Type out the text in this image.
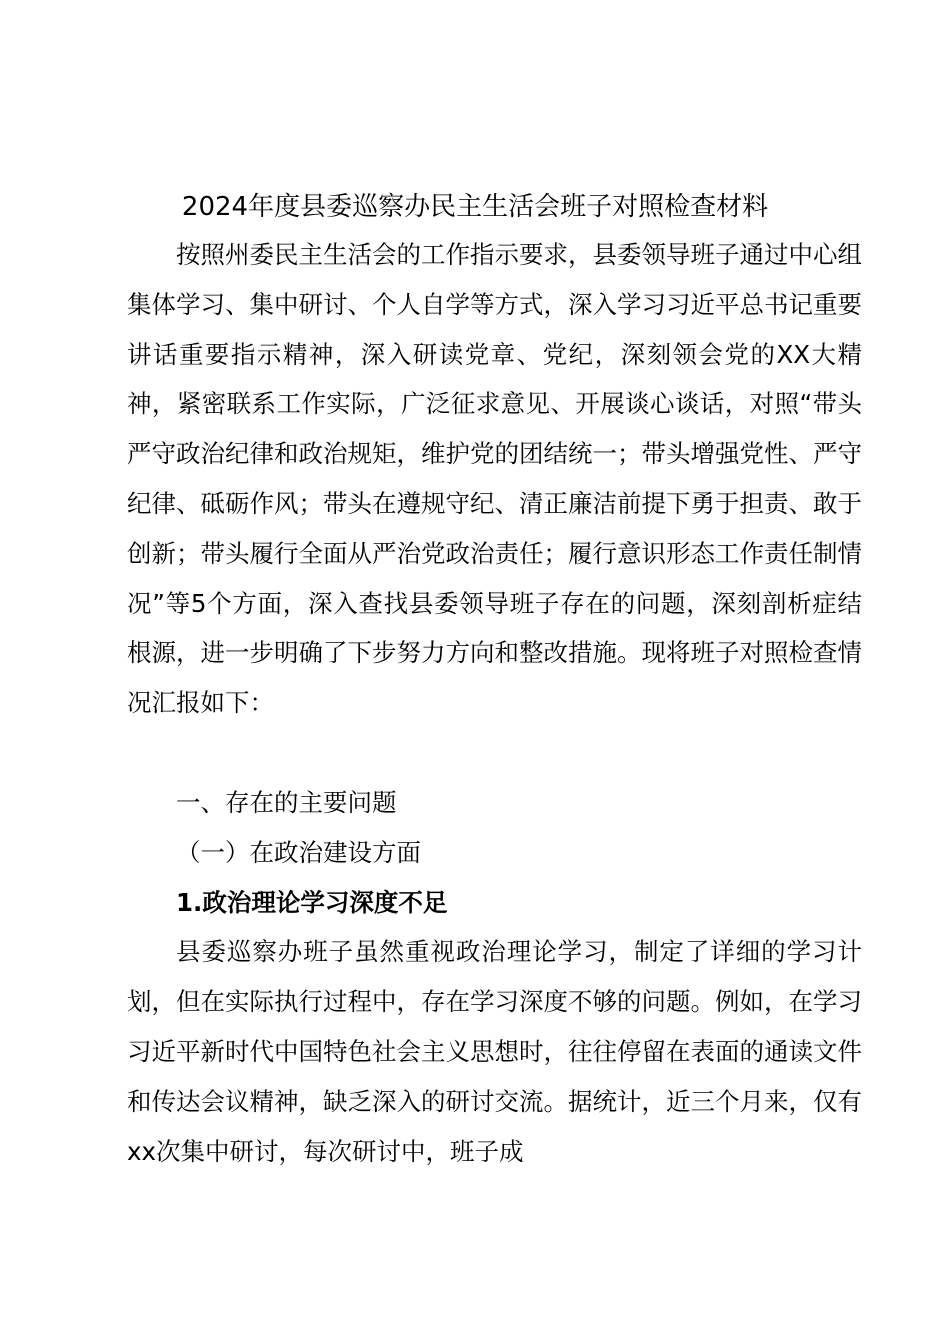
2024年度县委巡察办民主生活会班子对照检查材料

按照州委民主生活会的工作指示要求，县委领导班子通过中心组集体学习、集中研讨、个人自学等方式，深入学习习近平总书记重要讲话重要指示精神，深入研读党章、党纪，深刻领会党的XX大精神，紧密联系工作实际，广泛征求意见、开展谈心谈话，对照“带头严守政治纪律和政治规矩，维护党的团结统一；带头增强党性、严守纪律、砥砺作风；带头在遵规守纪、清正廉洁前提下勇于担责、敢于创新；带头履行全面从严治党政治责任；履行意识形态工作责任制情况”等5个方面，深入查找县委领导班子存在的问题，深刻剖析症结根源，进一步明确了下步努力方向和整改措施。现将班子对照检查情况汇报如下：

一、存在的主要问题

（一）在政治建设方面

1.政治理论学习深度不足

县委巡察办班子虽然重视政治理论学习，制定了详细的学习计划，但在实际执行过程中，存在学习深度不够的问题。例如，在学习习近平新时代中国特色社会主义思想时，往往停留在表面的通读文件和传达会议精神，缺乏深入的研讨交流。据统计，近三个月来，仅有xx次集中研讨，每次研讨中，班子成
